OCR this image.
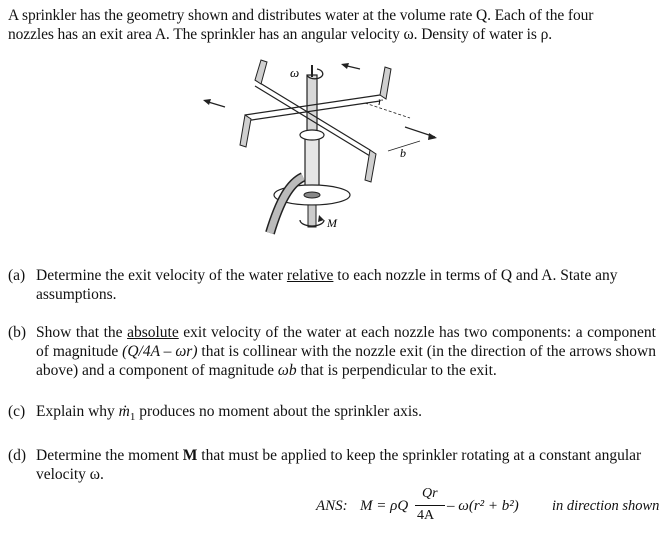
A sprinkler has the geometry shown and distributes water at the volume rate Q. Each of the four
nozzles has an exit area A. The sprinkler has an angular velocity ω. Density of water is ρ.
ω
r
b
M
(a) Determine the exit velocity of the water relative to each nozzle in terms of Q and A. State any assumptions.
(b) Show that the absolute exit velocity of the water at each nozzle has two components: a component of magnitude (Q/4A – ωr) that is collinear with the nozzle exit (in the direction of the arrows shown above) and a component of magnitude ωb that is perpendicular to the exit.
(c) Explain why ṁ$_1$ produces no moment about the sprinkler axis.
(d) Determine the moment M that must be applied to keep the sprinkler rotating at a constant angular velocity ω.
ANS: M = ρQ
Qr
4A
– ω(r² + b²) in direction shown
